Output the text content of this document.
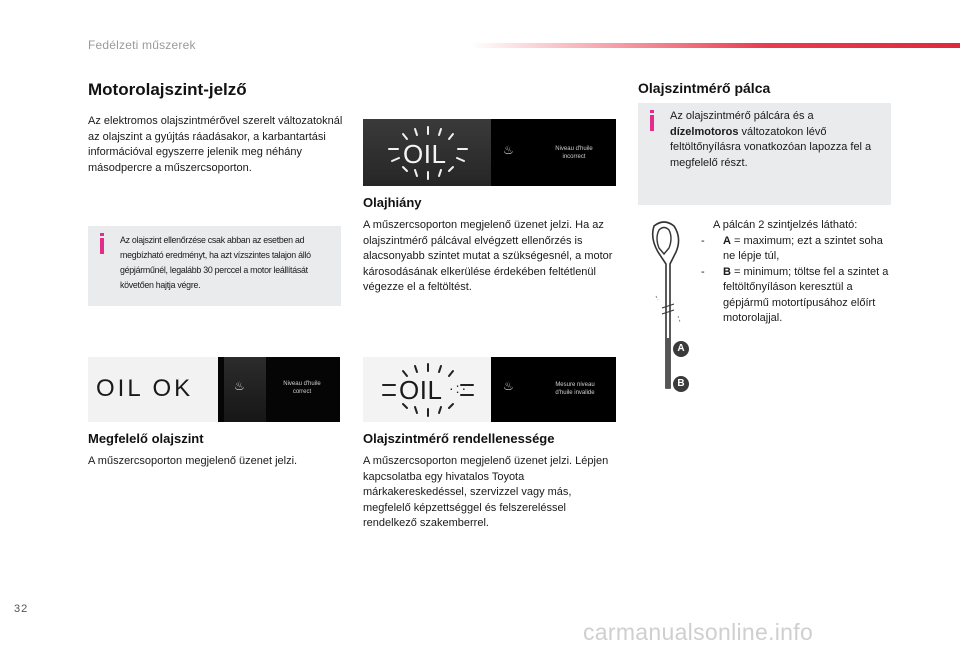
Fedélzeti műszerek
Motorolajszint-jelző
Az elektromos olajszintmérővel szerelt változatoknál az olajszint a gyújtás ráadásakor, a karbantartási információval egyszerre jelenik meg néhány másodpercre a műszercsoporton.
Az olajszint ellenőrzése csak abban az esetben ad megbízható eredményt, ha azt vízszintes talajon álló gépjárműnél, legalább 30 perccel a motor leállítását követően hajtja végre.
OIL OK	♨	Niveau d'huile
correct
Megfelelő olajszint
A műszercsoporton megjelenő üzenet jelzi.
OIL	♨	Niveau d'huile
incorrect
Olajhiány
A műszercsoporton megjelenő üzenet jelzi. Ha az olajszintmérő pálcával elvégzett ellenőrzés is alacsonyabb szintet mutat a szükségesnél, a motor károsodásának elkerülése érdekében feltétlenül végezze el a feltöltést.
OIL ·:·	♨	Mesure niveau
d'huile invalide
Olajszintmérő rendellenessége
A műszercsoporton megjelenő üzenet jelzi. Lépjen kapcsolatba egy hivatalos Toyota márkakereskedéssel, szervizzel vagy más, megfelelő képzettséggel és felszereléssel rendelkező szakemberrel.
Olajszintmérő pálca
Az olajszintmérő pálcára és a dízelmotoros változatokon lévő feltöltőnyílásra vonatkozóan lapozza fel a megfelelő részt.
A
B
A pálcán 2 szintjelzés látható:
- A = maximum; ezt a szintet soha ne lépje túl,
- B = minimum; töltse fel a szintet a feltöltőnyíláson keresztül a gépjármű motortípusához előírt motorolajjal.
32
carmanualsonline.info
